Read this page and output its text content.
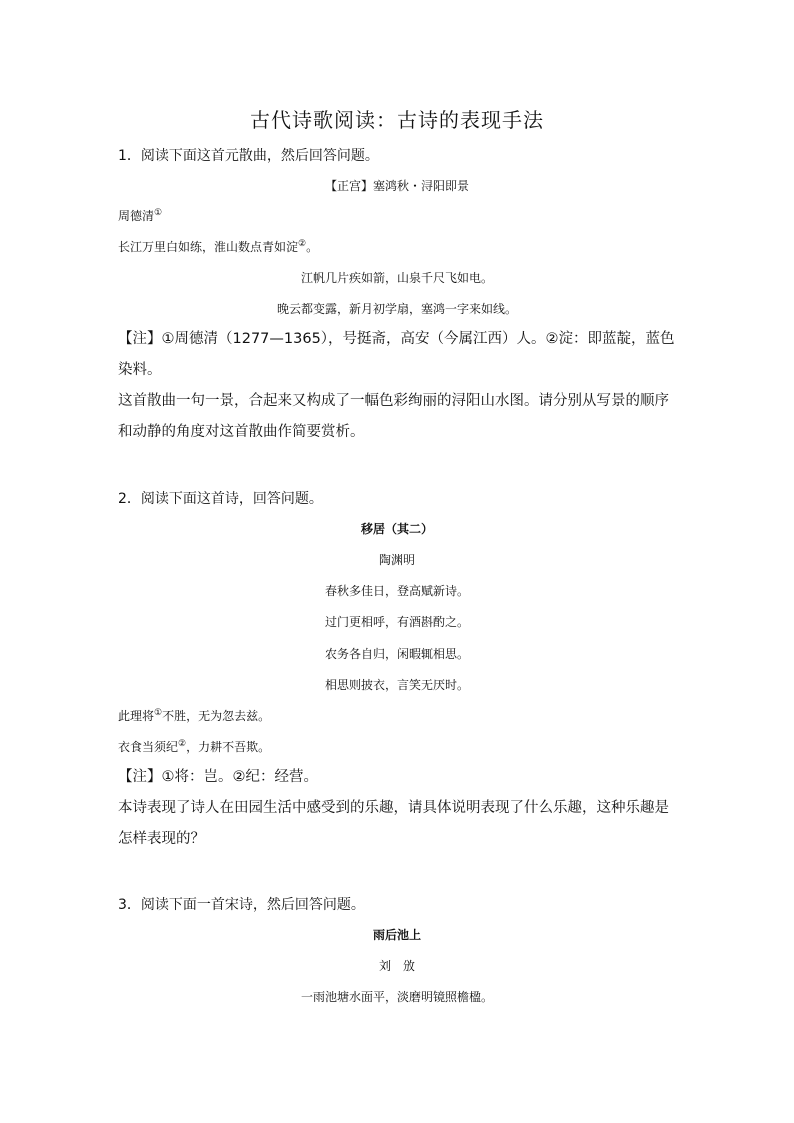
古代诗歌阅读：古诗的表现手法
1．阅读下面这首元散曲，然后回答问题。
【正宫】塞鸿秋・浔阳即景
周德清①
长江万里白如练，淮山数点青如淀②。
江帆几片疾如箭，山泉千尺飞如电。
晚云都变露，新月初学扇，塞鸿一字来如线。
【注】①周德清（1277—1365），号挺斋，高安（今属江西）人。②淀：即蓝靛，蓝色染料。
这首散曲一句一景，合起来又构成了一幅色彩绚丽的浔阳山水图。请分别从写景的顺序和动静的角度对这首散曲作简要赏析。
2．阅读下面这首诗，回答问题。
移居（其二）
陶渊明
春秋多佳日，登高赋新诗。
过门更相呼，有酒斟酌之。
农务各自归，闲暇辄相思。
相思则披衣，言笑无厌时。
此理将①不胜，无为忽去兹。
衣食当须纪②，力耕不吾欺。
【注】①将：岂。②纪：经营。
本诗表现了诗人在田园生活中感受到的乐趣，请具体说明表现了什么乐趣，这种乐趣是怎样表现的？
3．阅读下面一首宋诗，然后回答问题。
雨后池上
刘　攽
一雨池塘水面平，淡磨明镜照檐楹。
